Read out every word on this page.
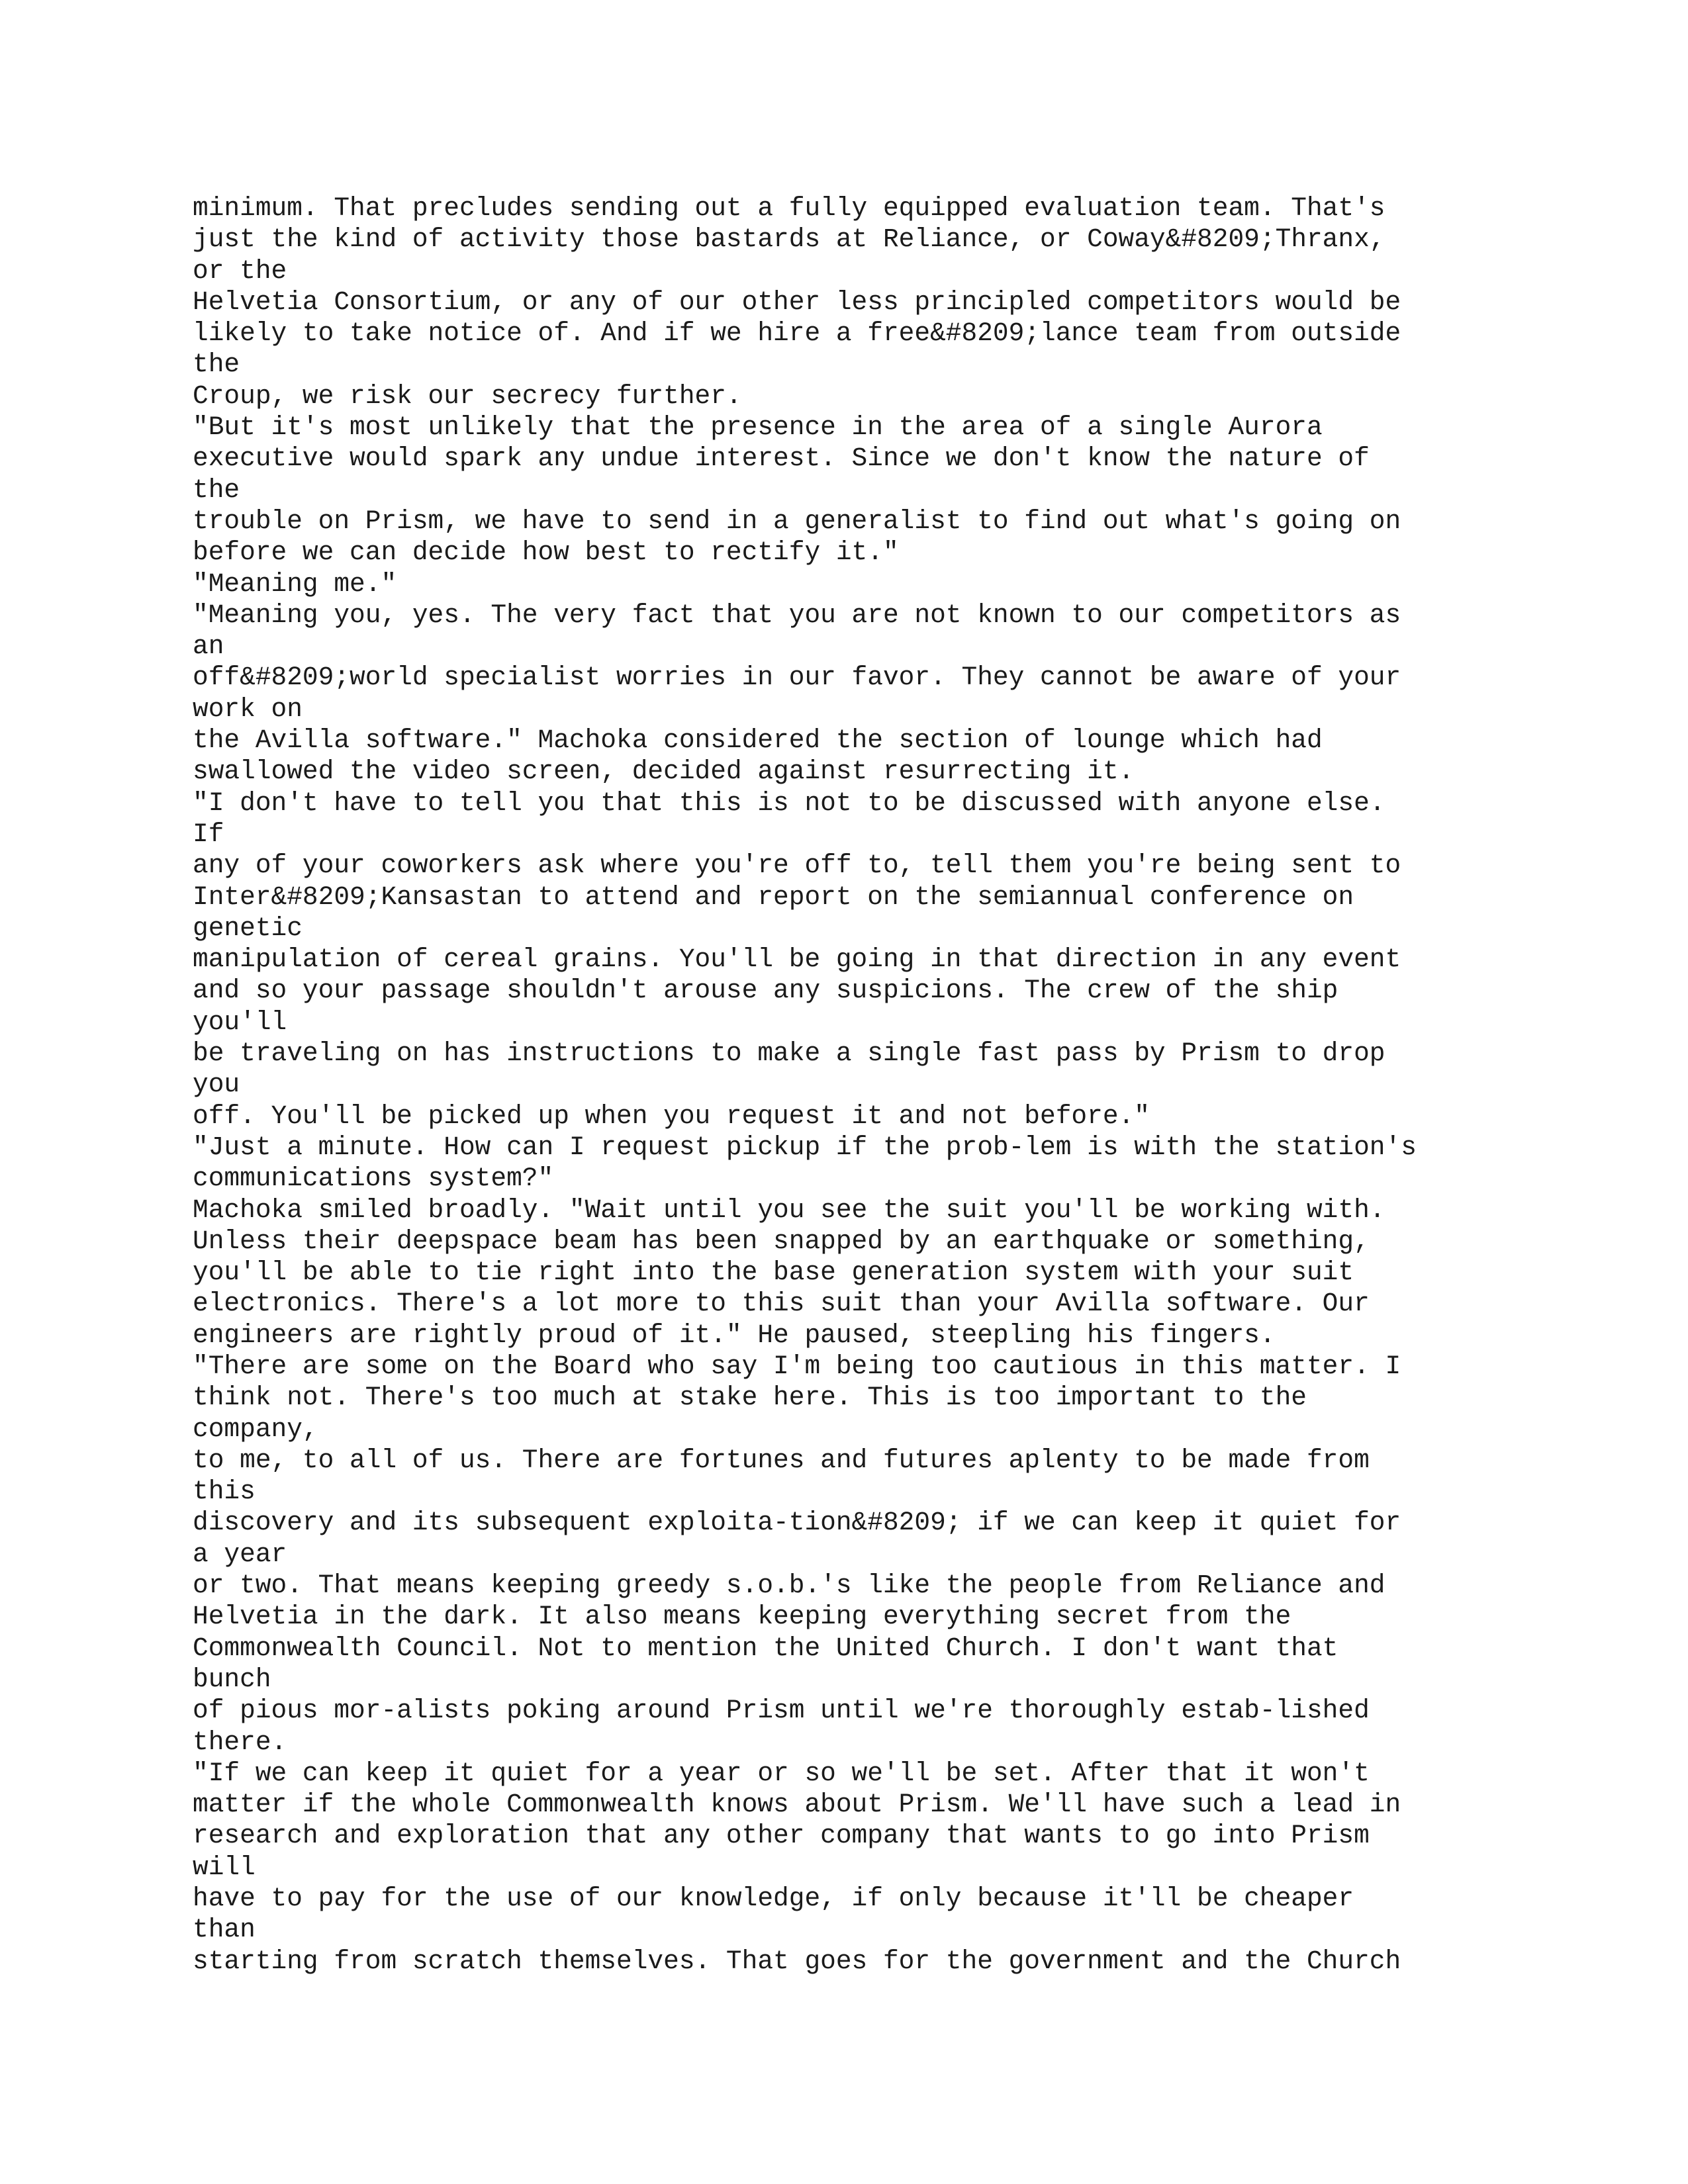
minimum. That precludes sending out a fully equipped evaluation team. That's
just the kind of activity those bastards at Reliance, or Coway&#8209;Thranx,
or the
Helvetia Consortium, or any of our other less principled competitors would be
likely to take notice of. And if we hire a free&#8209;lance team from outside
the
Croup, we risk our secrecy further.
"But it's most unlikely that the presence in the area of a single Aurora
executive would spark any undue interest. Since we don't know the nature of
the
trouble on Prism, we have to send in a generalist to find out what's going on
before we can decide how best to rectify it."
"Meaning me."
"Meaning you, yes. The very fact that you are not known to our competitors as
an
off&#8209;world specialist worries in our favor. They cannot be aware of your
work on
the Avilla software." Machoka considered the section of lounge which had
swallowed the video screen, decided against resurrecting it.
"I don't have to tell you that this is not to be discussed with anyone else.
If
any of your coworkers ask where you're off to, tell them you're being sent to
Inter&#8209;Kansastan to attend and report on the semiannual conference on
genetic
manipulation of cereal grains. You'll be going in that direction in any event
and so your passage shouldn't arouse any suspicions. The crew of the ship
you'll
be traveling on has instructions to make a single fast pass by Prism to drop
you
off. You'll be picked up when you request it and not before."
"Just a minute. How can I request pickup if the prob-lem is with the station's
communications system?"
Machoka smiled broadly. "Wait until you see the suit you'll be working with.
Unless their deepspace beam has been snapped by an earthquake or something,
you'll be able to tie right into the base generation system with your suit
electronics. There's a lot more to this suit than your Avilla software. Our
engineers are rightly proud of it." He paused, steepling his fingers.
"There are some on the Board who say I'm being too cautious in this matter. I
think not. There's too much at stake here. This is too important to the
company,
to me, to all of us. There are fortunes and futures aplenty to be made from
this
discovery and its subsequent exploita-tion&#8209; if we can keep it quiet for
a year
or two. That means keeping greedy s.o.b.'s like the people from Reliance and
Helvetia in the dark. It also means keeping everything secret from the
Commonwealth Council. Not to mention the United Church. I don't want that
bunch
of pious mor-alists poking around Prism until we're thoroughly estab-lished
there.
"If we can keep it quiet for a year or so we'll be set. After that it won't
matter if the whole Commonwealth knows about Prism. We'll have such a lead in
research and exploration that any other company that wants to go into Prism
will
have to pay for the use of our knowledge, if only because it'll be cheaper
than
starting from scratch themselves. That goes for the government and the Church
